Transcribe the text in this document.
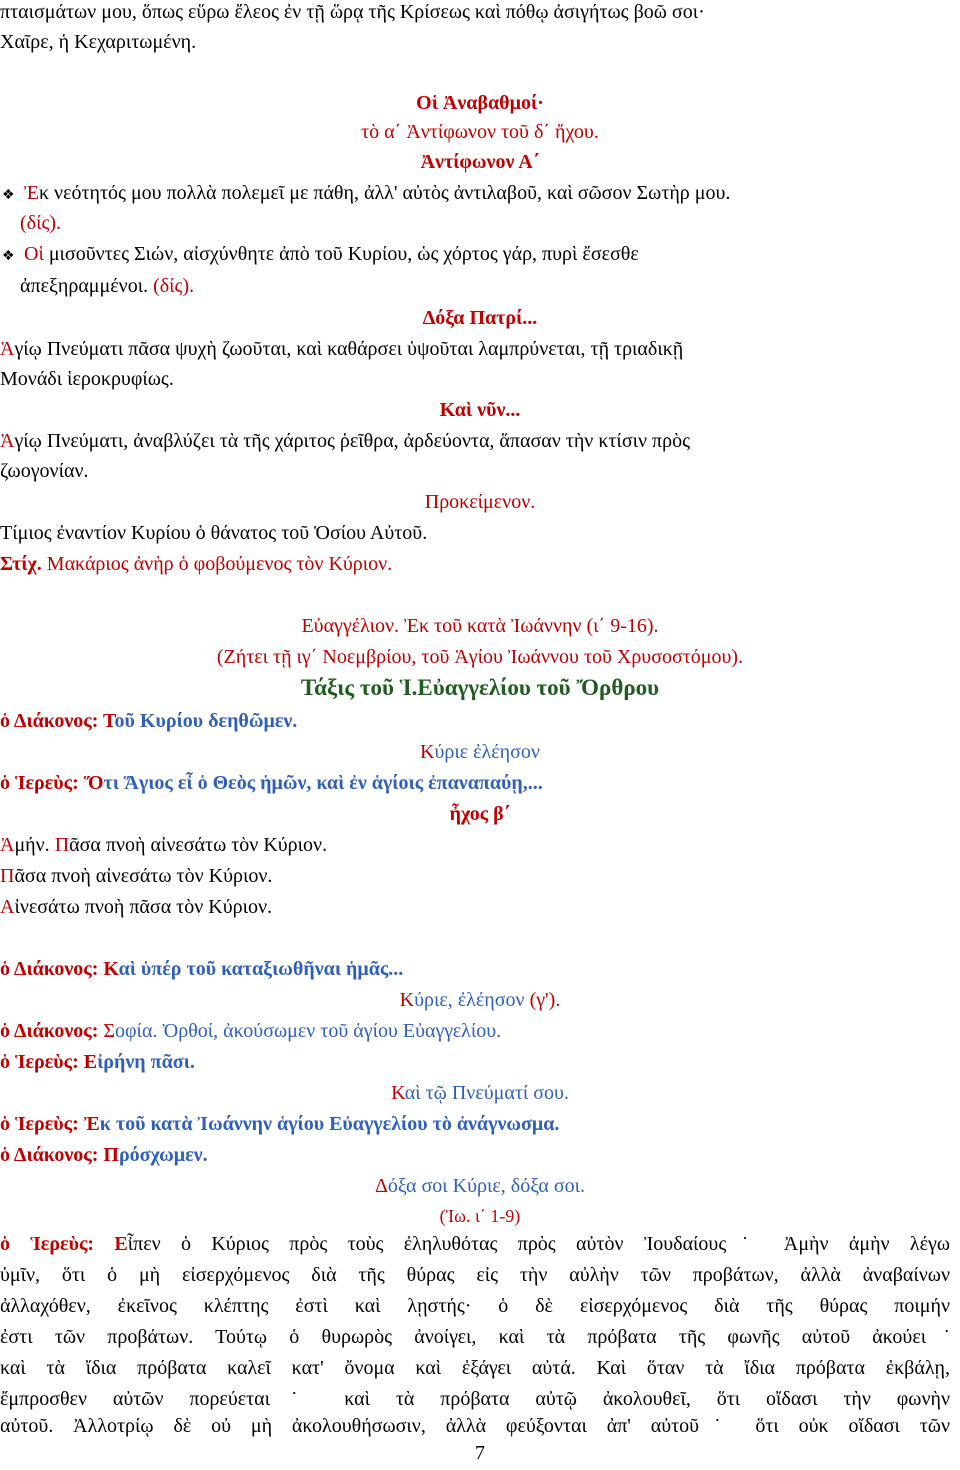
πταισμάτων μου, ὅπως εὕρω ἔλεος ἐν τῇ ὥρᾳ τῆς Κρίσεως καὶ πόθῳ ἀσιγήτως βοῶ σοι·
Χαῖρε, ἡ Κεχαριτωμένη.
Οἱ Ἀναβαθμοί·
τὸ α΄ Ἀντίφωνον τοῦ δ΄ ἤχου.
Ἀντίφωνον Α΄
❖ Ἐκ νεότητός μου πολλὰ πολεμεῖ με πάθη, ἀλλ' αὐτὸς ἀντιλαβοῦ, καὶ σῶσον Σωτὴρ μου.
(δίς).
❖ Οἱ μισοῦντες Σιών, αἰσχύνθητε ἀπὸ τοῦ Κυρίου, ὡς χόρτος γάρ, πυρὶ ἔσεσθε
ἀπεξηραμμένοι. (δίς).
Δόξα Πατρί...
Ἁγίῳ Πνεύματι πᾶσα ψυχὴ ζωοῦται, καὶ καθάρσει ὑψοῦται λαμπρύνεται, τῇ τριαδικῇ
Μονάδι ἱεροκρυφίως.
Καὶ νῦν...
Ἁγίῳ Πνεύματι, ἀναβλύζει τὰ τῆς χάριτος ῥεῖθρα, ἀρδεύοντα, ἅπασαν τὴν κτίσιν πρὸς
ζωογονίαν.
Προκείμενον.
Τίμιος ἐναντίον Κυρίου ὁ θάνατος τοῦ Ὁσίου Αὐτοῦ.
Στίχ. Μακάριος ἀνὴρ ὁ φοβούμενος τὸν Κύριον.
Εὐαγγέλιον. Ἐκ τοῦ κατὰ Ἰωάννην (ι΄ 9-16).
(Ζήτει τῇ ιγ΄ Νοεμβρίου, τοῦ Ἁγίου Ἰωάννου τοῦ Χρυσοστόμου).
Τάξις τοῦ Ἱ.Εὐαγγελίου τοῦ Ὄρθρου
ὁ Διάκονος: Τοῦ Κυρίου δεηθῶμεν.
Κύριε ἐλέησον
ὁ Ἱερεὺς: Ὅτι Ἅγιος εἶ ὁ Θεὸς ἡμῶν, καὶ ἐν ἁγίοις ἐπαναπαύῃ,...
ἦχος β΄
Ἀμήν. Πᾶσα πνοὴ αἰνεσάτω τὸν Κύριον.
Πᾶσα πνοὴ αἰνεσάτω τὸν Κύριον.
Αἰνεσάτω πνοὴ πᾶσα τὸν Κύριον.
ὁ Διάκονος: Καὶ ὑπέρ τοῦ καταξιωθῆναι ἡμᾶς...
Κύριε, ἐλέησον (γ').
ὁ Διάκονος: Σοφία. Ὀρθοί, ἀκούσωμεν τοῦ ἁγίου Εὐαγγελίου.
ὁ Ἱερεὺς: Εἰρήνη πᾶσι.
Καὶ τῷ Πνεύματί σου.
ὁ Ἱερεὺς: Ἐκ τοῦ κατὰ Ἰωάννην ἁγίου Εὐαγγελίου τὸ ἀνάγνωσμα.
ὁ Διάκονος: Πρόσχωμεν.
Δόξα σοι Κύριε, δόξα σοι.
(Ἰω. ι΄ 1-9)
ὁ Ἱερεὺς: Εἶπεν ὁ Κύριος πρὸς τοὺς ἐληλυθότας πρὸς αὐτὸν Ἰουδαίους˙ Ἀμὴν ἀμὴν λέγω
ὑμῖν, ὅτι ὁ μὴ εἰσερχόμενος διὰ τῆς θύρας εἰς τὴν αὐλὴν τῶν προβάτων, ἀλλὰ ἀναβαίνων
ἀλλαχόθεν, ἐκεῖνος κλέπτης ἐστὶ καὶ λῃστής· ὁ δὲ εἰσερχόμενος διὰ τῆς θύρας ποιμήν
ἐστι τῶν προβάτων. Τούτῳ ὁ θυρωρὸς ἀνοίγει, καὶ τὰ πρόβατα τῆς φωνῆς αὐτοῦ ἀκούει˙
καὶ τὰ ἴδια πρόβατα καλεῖ κατ' ὄνομα καὶ ἐξάγει αὐτά. Καὶ ὅταν τὰ ἴδια πρόβατα ἐκβάλῃ,
ἔμπροσθεν αὐτῶν πορεύεται˙ καὶ τὰ πρόβατα αὐτῷ ἀκολουθεῖ, ὅτι οἴδασι τὴν φωνὴν
αὐτοῦ. Ἀλλοτρίῳ δὲ οὐ μὴ ἀκολουθήσωσιν, ἀλλὰ φεύξονται ἀπ' αὐτοῦ˙ ὅτι οὐκ οἴδασι τῶν
7
